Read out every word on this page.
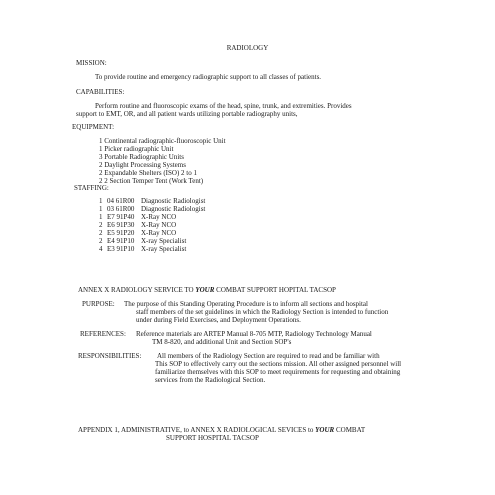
RADIOLOGY
MISSION:
To provide routine and emergency radiographic support to all classes of patients.
CAPABILITIES:
Perform routine and fluoroscopic exams of the head, spine, trunk, and extremities. Provides
support to EMT, OR, and all patient wards utilizing portable radiography units,
EQUIPMENT:
1 Continental radiographic-fluoroscopic Unit
1 Picker radiographic Unit
3 Portable Radiographic Units
2 Daylight Processing Systems
2 Expandable Shelters (ISO) 2 to 1
2 2 Section Temper Tent (Work Tent)
STAFFING:
1 04 61R00 Diagnostic Radiologist
1 03 61R00 Diagnostic Radiologist
1 E7 91P40 X-Ray NCO
2 E6 91P30 X-Ray NCO
2 E5 91P20 X-Ray NCO
2 E4 91P10 X-ray Specialist
4 E3 91P10 X-ray Specialist
ANNEX X RADIOLOGY SERVICE TO YOUR COMBAT SUPPORT HOPITAL TACSOP
PURPOSE: The purpose of this Standing Operating Procedure is to inform all sections and hospital
staff members of the set guidelines in which the Radiology Section is intended to function
under during Field Exercises, and Deployment Operations.
REFERENCES: Reference materials are ARTEP Manual 8-705 MTP, Radiology Technology Manual
TM 8-820, and additional Unit and Section SOP's
RESPONSIBILITIES: All members of the Radiology Section are required to read and be familiar with
This SOP to effectively carry out the sections mission. All other assigned personnel will
familiarize themselves with this SOP to meet requirements for requesting and obtaining
services from the Radiological Section.
APPENDIX 1, ADMINISTRATIVE, to ANNEX X RADIOLOGICAL SEVICES to YOUR COMBAT
SUPPORT HOSPITAL TACSOP
